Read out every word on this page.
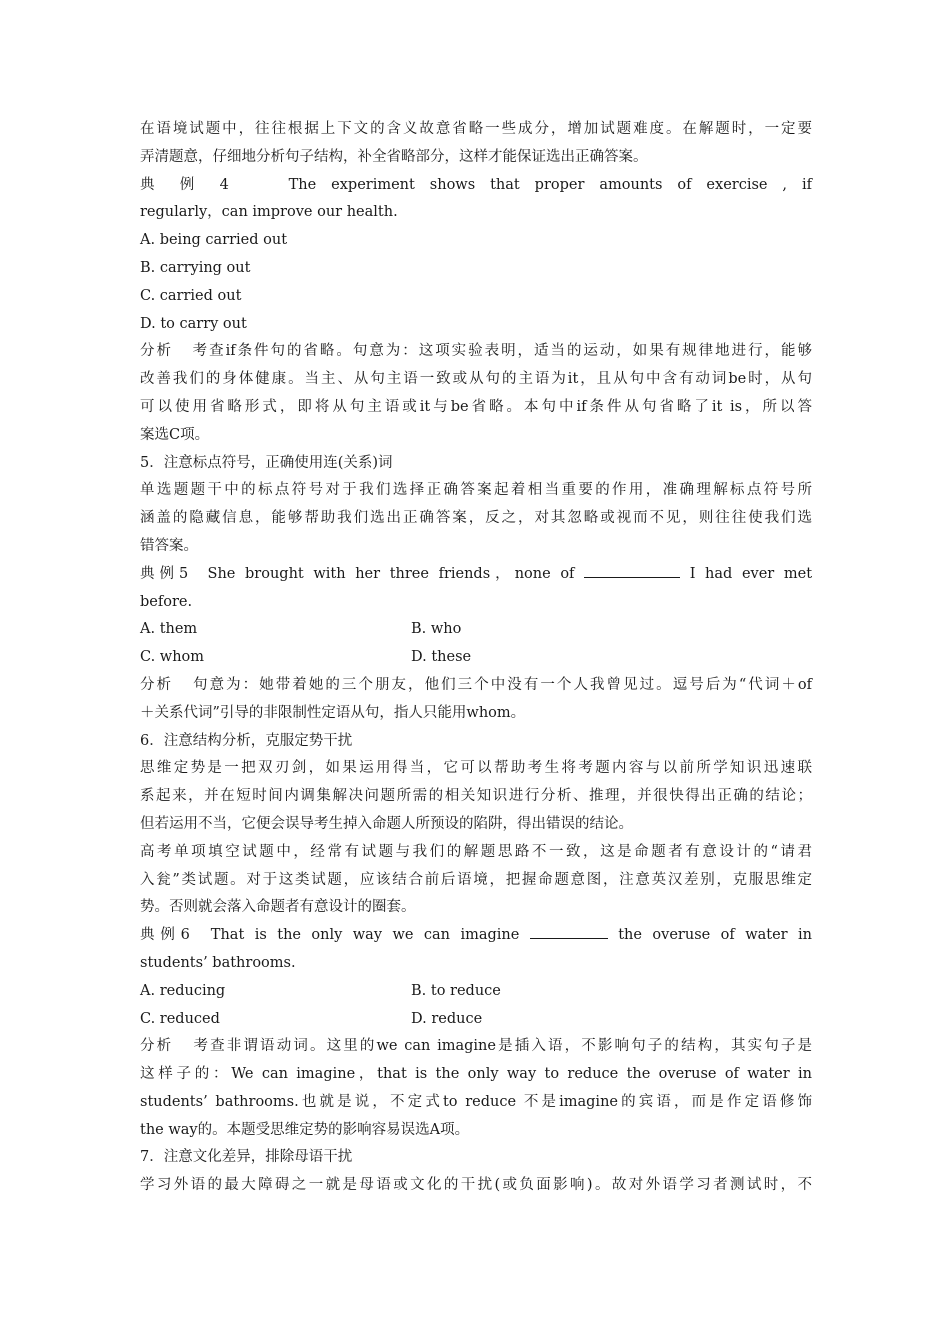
在语境试题中，往往根据上下文的含义故意省略一些成分，增加试题难度。在解题时，一定要

弄清题意，仔细地分析句子结构，补全省略部分，这样才能保证选出正确答案。

典 例 4	The experiment shows that proper amounts of exercise , if

regularly，can improve our health.

A. being carried out

B. carrying out

C. carried out

D. to carry out

分析 考查if条件句的省略。句意为：这项实验表明，适当的运动，如果有规律地进行，能够

改善我们的身体健康。当主、从句主语一致或从句的主语为it，且从句中含有动词be时，从句

可以使用省略形式，即将从句主语或it与be省略。本句中if条件从句省略了it is，所以答

案选C项。

5．注意标点符号，正确使用连(关系)词

单选题题干中的标点符号对于我们选择正确答案起着相当重要的作用，准确理解标点符号所

涵盖的隐藏信息，能够帮助我们选出正确答案，反之，对其忽略或视而不见，则往往使我们选

错答案。

典例5 She brought with her three friends，none of	I had ever met

before.

A. them	B. who
C. whom	D. these

分析 句意为：她带着她的三个朋友，他们三个中没有一个人我曾见过。逗号后为“代词＋of

＋关系代词”引导的非限制性定语从句，指人只能用whom。

6．注意结构分析，克服定势干扰

思维定势是一把双刃剑，如果运用得当，它可以帮助考生将考题内容与以前所学知识迅速联

系起来，并在短时间内调集解决问题所需的相关知识进行分析、推理，并很快得出正确的结论；

但若运用不当，它便会误导考生掉入命题人所预设的陷阱，得出错误的结论。

高考单项填空试题中，经常有试题与我们的解题思路不一致，这是命题者有意设计的“请君

入瓮”类试题。对于这类试题，应该结合前后语境，把握命题意图，注意英汉差别，克服思维定

势。否则就会落入命题者有意设计的圈套。

典例6 That is the only way we can imagine	the overuse of water in

students’ bathrooms.

A. reducing	B. to reduce
C. reduced	D. reduce

分析 考查非谓语动词。这里的we can imagine是插入语，不影响句子的结构，其实句子是

这样子的：We can imagine，that is the only way to reduce the overuse of water in

students’ bathrooms.也就是说，不定式to reduce 不是imagine的宾语，而是作定语修饰

the way的。本题受思维定势的影响容易误选A项。

7．注意文化差异，排除母语干扰

学习外语的最大障碍之一就是母语或文化的干扰(或负面影响)。故对外语学习者测试时，不
